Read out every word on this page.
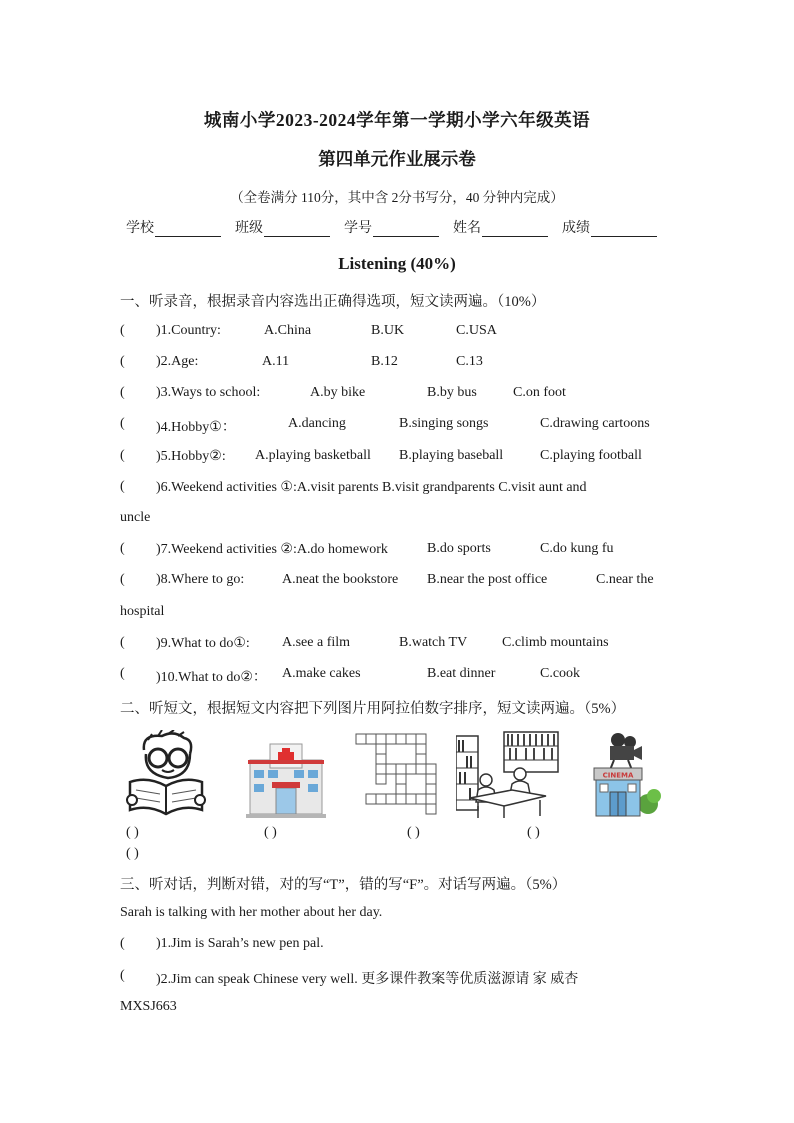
城南小学2023-2024学年第一学期小学六年级英语
第四单元作业展示卷
（全卷满分 110分，其中含 2分书写分，40 分钟内完成）
学校	班级	学号	姓名	成绩
Listening (40%)
一、听录音，根据录音内容选出正确得选项，短文读两遍。（10%）
( )1.Country:	A.China	B.UK	C.USA
( )2.Age:	A.11	B.12	C.13
( )3.Ways to school:	A.by bike	B.by bus	C.on foot
( )4.Hobby①：	A.dancing	B.singing songs	C.drawing cartoons
( )5.Hobby②: A.playing basketball B.playing baseball	C.playing football
( )6.Weekend activities ①:A.visit parents B.visit grandparents C.visit aunt and
uncle
( )7.Weekend activities ②:A.do homework	B.do sports	C.do kung fu
( )8.Where to go:	A.neat the bookstore B.near the post office	C.near the
hospital
( )9.What to do①: A.see a film	B.watch TV C.climb mountains
( )10.What to do②： A.make cakes	B.eat dinner	C.cook
二、听短文，根据短文内容把下列图片用阿拉伯数字排序，短文读两遍。（5%）
CINEMA
( )	( )	( )	( )
( )
三、听对话，判断对错，对的写“T”，错的写“F”。对话写两遍。（5%）
Sarah is talking with her mother about her day.
( )1.Jim is Sarah’s new pen pal.
( )2.Jim can speak Chinese very well. 更多课件教案等优质滋源请 家 威杏
MXSJ663
